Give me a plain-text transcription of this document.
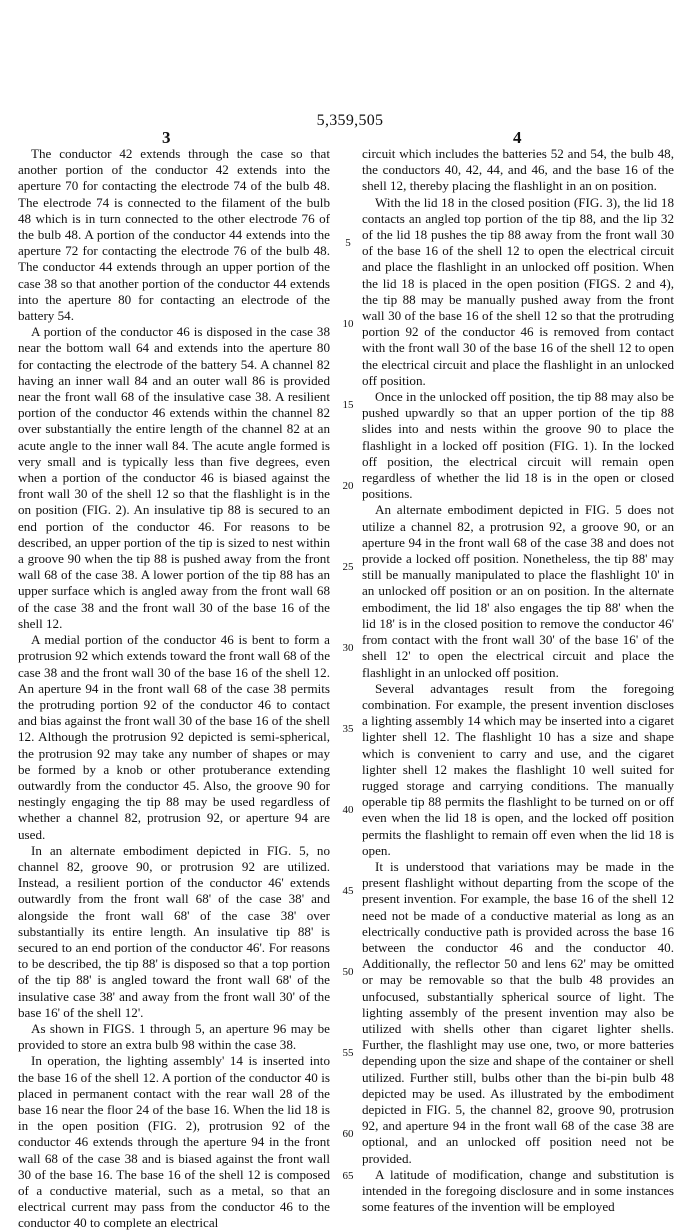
5,359,505
3	4

The conductor 42 extends through the case so that another portion of the conductor 42 extends into the aperture 70 for contacting the electrode 74 of the bulb 48. The electrode 74 is connected to the filament of the bulb 48 which is in turn connected to the other electrode 76 of the bulb 48. A portion of the conductor 44 extends into the aperture 72 for contacting the electrode 76 of the bulb 48. The conductor 44 extends through an upper portion of the case 38 so that another portion of the conductor 44 extends into the aperture 80 for contacting an electrode of the battery 54.

A portion of the conductor 46 is disposed in the case 38 near the bottom wall 64 and extends into the aperture 80 for contacting the electrode of the battery 54. A channel 82 having an inner wall 84 and an outer wall 86 is provided near the front wall 68 of the insulative case 38. A resilient portion of the conductor 46 extends within the channel 82 over substantially the entire length of the channel 82 at an acute angle to the inner wall 84. The acute angle formed is very small and is typically less than five degrees, even when a portion of the conductor 46 is biased against the front wall 30 of the shell 12 so that the flashlight is in the on position (FIG. 2). An insulative tip 88 is secured to an end portion of the conductor 46. For reasons to be described, an upper portion of the tip is sized to nest within a groove 90 when the tip 88 is pushed away from the front wall 68 of the case 38. A lower portion of the tip 88 has an upper surface which is angled away from the front wall 68 of the case 38 and the front wall 30 of the base 16 of the shell 12.

A medial portion of the conductor 46 is bent to form a protrusion 92 which extends toward the front wall 68 of the case 38 and the front wall 30 of the base 16 of the shell 12. An aperture 94 in the front wall 68 of the case 38 permits the protruding portion 92 of the conductor 46 to contact and bias against the front wall 30 of the base 16 of the shell 12. Although the protrusion 92 depicted is semi-spherical, the protrusion 92 may take any number of shapes or may be formed by a knob or other protuberance extending outwardly from the conductor 45. Also, the groove 90 for nestingly engaging the tip 88 may be used regardless of whether a channel 82, protrusion 92, or aperture 94 are used.

In an alternate embodiment depicted in FIG. 5, no channel 82, groove 90, or protrusion 92 are utilized. Instead, a resilient portion of the conductor 46' extends outwardly from the front wall 68' of the case 38' and alongside the front wall 68' of the case 38' over substantially its entire length. An insulative tip 88' is secured to an end portion of the conductor 46'. For reasons to be described, the tip 88' is disposed so that a top portion of the tip 88' is angled toward the front wall 68' of the insulative case 38' and away from the front wall 30' of the base 16' of the shell 12'.

As shown in FIGS. 1 through 5, an aperture 96 may be provided to store an extra bulb 98 within the case 38.

In operation, the lighting assembly' 14 is inserted into the base 16 of the shell 12. A portion of the conductor 40 is placed in permanent contact with the rear wall 28 of the base 16 near the floor 24 of the base 16. When the lid 18 is in the open position (FIG. 2), protrusion 92 of the conductor 46 extends through the aperture 94 in the front wall 68 of the case 38 and is biased against the front wall 30 of the base 16. The base 16 of the shell 12 is composed of a conductive material, such as a metal, so that an electrical current may pass from the conductor 46 to the conductor 40 to complete an electrical

circuit which includes the batteries 52 and 54, the bulb 48, the conductors 40, 42, 44, and 46, and the base 16 of the shell 12, thereby placing the flashlight in an on position.

With the lid 18 in the closed position (FIG. 3), the lid 18 contacts an angled top portion of the tip 88, and the lip 32 of the lid 18 pushes the tip 88 away from the front wall 30 of the base 16 of the shell 12 to open the electrical circuit and place the flashlight in an unlocked off position. When the lid 18 is placed in the open position (FIGS. 2 and 4), the tip 88 may be manually pushed away from the front wall 30 of the base 16 of the shell 12 so that the protruding portion 92 of the conductor 46 is removed from contact with the front wall 30 of the base 16 of the shell 12 to open the electrical circuit and place the flashlight in an unlocked off position.

Once in the unlocked off position, the tip 88 may also be pushed upwardly so that an upper portion of the tip 88 slides into and nests within the groove 90 to place the flashlight in a locked off position (FIG. 1). In the locked off position, the electrical circuit will remain open regardless of whether the lid 18 is in the open or closed positions.

An alternate embodiment depicted in FIG. 5 does not utilize a channel 82, a protrusion 92, a groove 90, or an aperture 94 in the front wall 68 of the case 38 and does not provide a locked off position. Nonetheless, the tip 88' may still be manually manipulated to place the flashlight 10' in an unlocked off position or an on position. In the alternate embodiment, the lid 18' also engages the tip 88' when the lid 18' is in the closed position to remove the conductor 46' from contact with the front wall 30' of the base 16' of the shell 12' to open the electrical circuit and place the flashlight in an unlocked off position.

Several advantages result from the foregoing combination. For example, the present invention discloses a lighting assembly 14 which may be inserted into a cigaret lighter shell 12. The flashlight 10 has a size and shape which is convenient to carry and use, and the cigaret lighter shell 12 makes the flashlight 10 well suited for rugged storage and carrying conditions. The manually operable tip 88 permits the flashlight to be turned on or off even when the lid 18 is open, and the locked off position permits the flashlight to remain off even when the lid 18 is open.

It is understood that variations may be made in the present flashlight without departing from the scope of the present invention. For example, the base 16 of the shell 12 need not be made of a conductive material as long as an electrically conductive path is provided across the base 16 between the conductor 46 and the conductor 40. Additionally, the reflector 50 and lens 62' may be omitted or may be removable so that the bulb 48 provides an unfocused, substantially spherical source of light. The lighting assembly of the present invention may also be utilized with shells other than cigaret lighter shells. Further, the flashlight may use one, two, or more batteries depending upon the size and shape of the container or shell utilized. Further still, bulbs other than the bi-pin bulb 48 depicted may be used. As illustrated by the embodiment depicted in FIG. 5, the channel 82, groove 90, protrusion 92, and aperture 94 in the front wall 68 of the case 38 are optional, and an unlocked off position need not be provided.

A latitude of modification, change and substitution is intended in the foregoing disclosure and in some instances some features of the invention will be employed

5
10
15
20
25
30
35
40
45
50
55
60
65
